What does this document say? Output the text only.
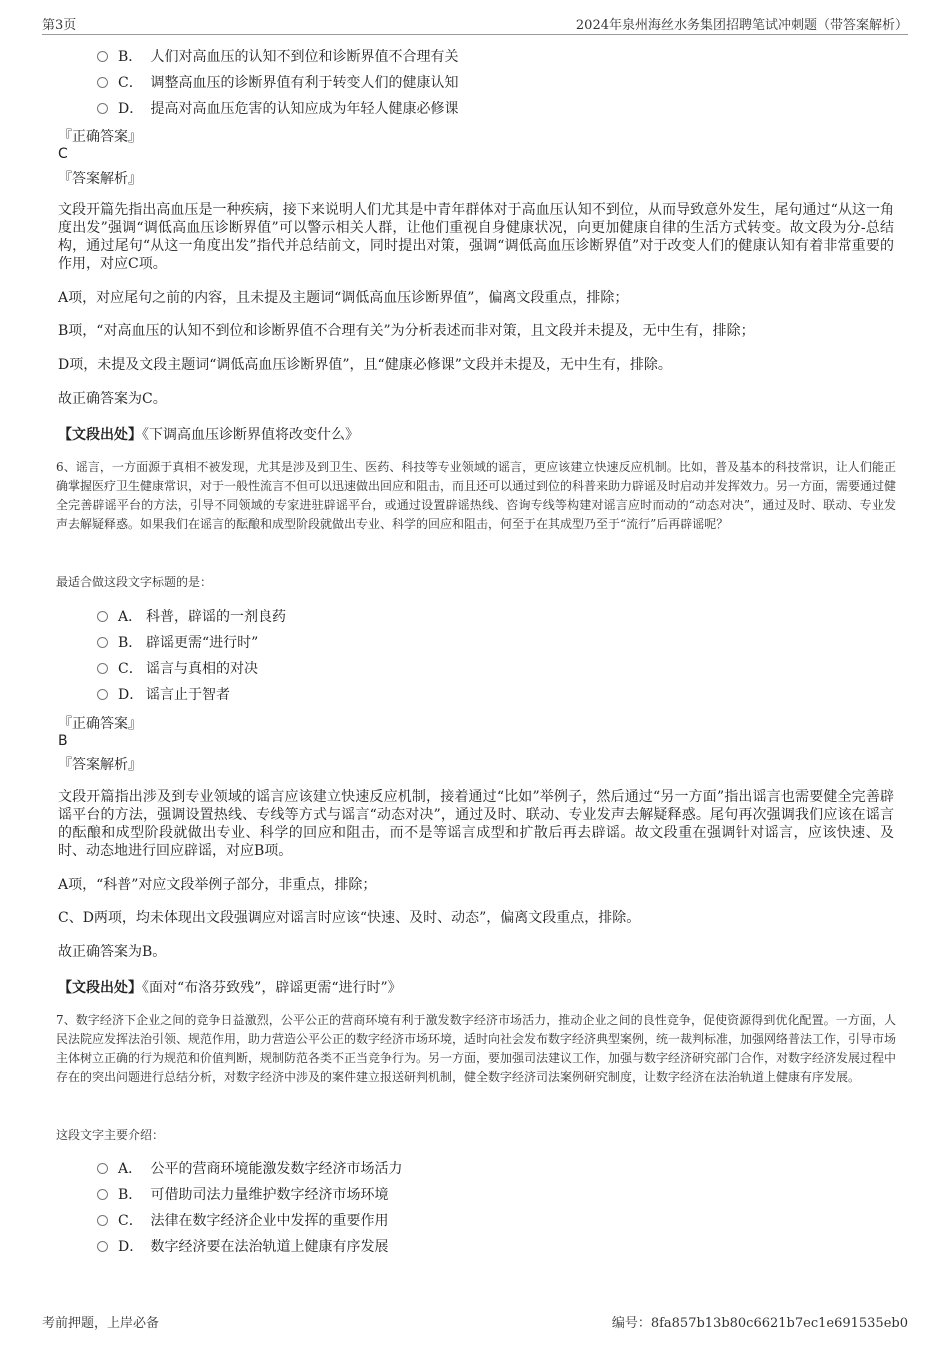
第3页	2024年泉州海丝水务集团招聘笔试冲刺题（带答案解析）
B． 人们对高血压的认知不到位和诊断界值不合理有关
C． 调整高血压的诊断界值有利于转变人们的健康认知
D． 提高对高血压危害的认知应成为年轻人健康必修课
『正确答案』
C
『答案解析』
文段开篇先指出高血压是一种疾病，接下来说明人们尤其是中青年群体对于高血压认知不到位，从而导致意外发生，尾句通过“从这一角度出发”强调“调低高血压诊断界值”可以警示相关人群，让他们重视自身健康状况，向更加健康自律的生活方式转变。故文段为分-总结构，通过尾句“从这一角度出发”指代并总结前文，同时提出对策，强调“调低高血压诊断界值”对于改变人们的健康认知有着非常重要的作用，对应C项。
A项，对应尾句之前的内容，且未提及主题词“调低高血压诊断界值”，偏离文段重点，排除；
B项，“对高血压的认知不到位和诊断界值不合理有关”为分析表述而非对策，且文段并未提及，无中生有，排除；
D项，未提及文段主题词“调低高血压诊断界值”，且“健康必修课”文段并未提及，无中生有，排除。
故正确答案为C。
【文段出处】《下调高血压诊断界值将改变什么》
6、谣言，一方面源于真相不被发现，尤其是涉及到卫生、医药、科技等专业领域的谣言，更应该建立快速反应机制。比如，普及基本的科技常识，让人们能正确掌握医疗卫生健康常识，对于一般性流言不但可以迅速做出回应和阻击，而且还可以通过到位的科普来助力辟谣及时启动并发挥效力。另一方面，需要通过健全完善辟谣平台的方法，引导不同领域的专家进驻辟谣平台，或通过设置辟谣热线、咨询专线等构建对谣言应时而动的“动态对决”，通过及时、联动、专业发声去解疑释惑。如果我们在谣言的酝酿和成型阶段就做出专业、科学的回应和阻击，何至于在其成型乃至于“流行”后再辟谣呢？
最适合做这段文字标题的是：
A． 科普，辟谣的一剂良药
B． 辟谣更需“进行时”
C． 谣言与真相的对决
D． 谣言止于智者
『正确答案』
B
『答案解析』
文段开篇指出涉及到专业领域的谣言应该建立快速反应机制，接着通过“比如”举例子，然后通过“另一方面”指出谣言也需要健全完善辟谣平台的方法，强调设置热线、专线等方式与谣言“动态对决”，通过及时、联动、专业发声去解疑释惑。尾句再次强调我们应该在谣言的酝酿和成型阶段就做出专业、科学的回应和阻击，而不是等谣言成型和扩散后再去辟谣。故文段重在强调针对谣言，应该快速、及时、动态地进行回应辟谣，对应B项。
A项，“科普”对应文段举例子部分，非重点，排除；
C、D两项，均未体现出文段强调应对谣言时应该“快速、及时、动态”，偏离文段重点，排除。
故正确答案为B。
【文段出处】《面对“布洛芬致残”，辟谣更需“进行时”》
7、数字经济下企业之间的竞争日益激烈，公平公正的营商环境有利于激发数字经济市场活力，推动企业之间的良性竞争，促使资源得到优化配置。一方面，人民法院应发挥法治引领、规范作用，助力营造公平公正的数字经济市场环境，适时向社会发布数字经济典型案例，统一裁判标准，加强网络普法工作，引导市场主体树立正确的行为规范和价值判断，规制防范各类不正当竞争行为。另一方面，要加强司法建议工作，加强与数字经济研究部门合作，对数字经济发展过程中存在的突出问题进行总结分析，对数字经济中涉及的案件建立报送研判机制，健全数字经济司法案例研究制度，让数字经济在法治轨道上健康有序发展。
这段文字主要介绍：
A． 公平的营商环境能激发数字经济市场活力
B． 可借助司法力量维护数字经济市场环境
C． 法律在数字经济企业中发挥的重要作用
D． 数字经济要在法治轨道上健康有序发展
考前押题，上岸必备	编号：8fa857b13b80c6621b7ec1e691535eb0
